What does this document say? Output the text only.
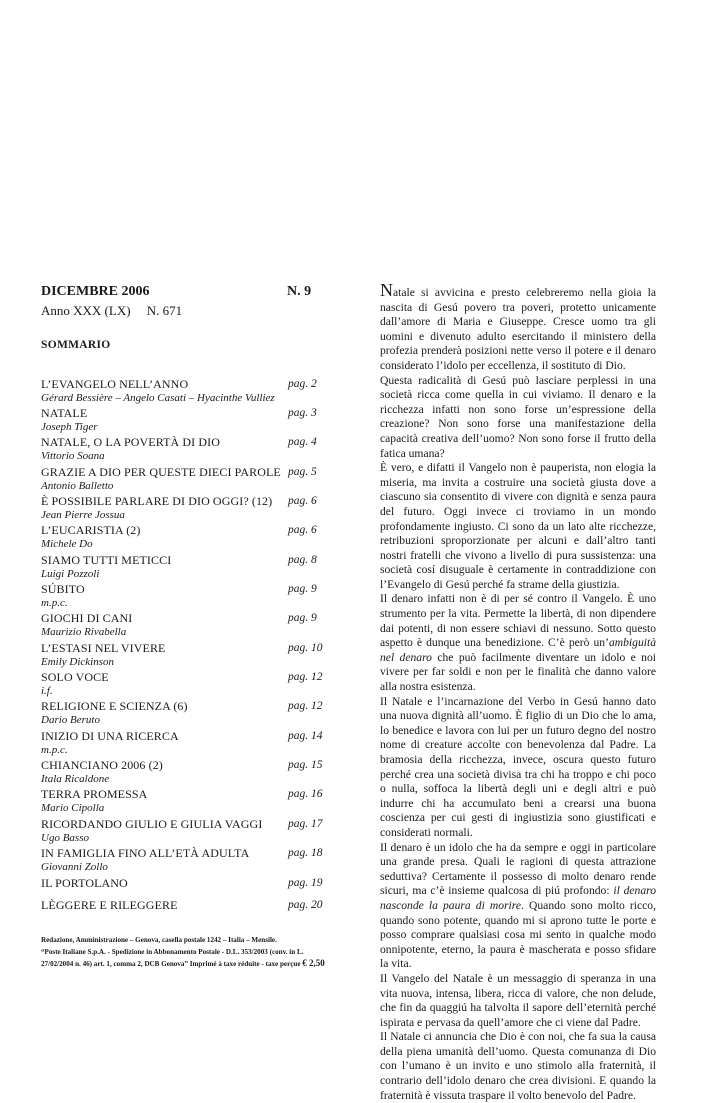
DICEMBRE 2006	N. 9
Anno XXX (LX) N. 671
SOMMARIO
L’EVANGELO NELL’ANNO	pag. 2
Gérard Bessière – Angelo Casati – Hyacinthe Vulliez
NATALE	pag. 3
Joseph Tiger
NATALE, O LA POVERTÀ DI DIO	pag. 4
Vittorio Soana
GRAZIE A DIO PER QUESTE DIECI PAROLE pag. 5
Antonio Balletto
È POSSIBILE PARLARE DI DIO OGGI? (12)	pag. 6
Jean Pierre Jossua
L’EUCARISTIA (2)	pag. 6
Michele Do
SIAMO TUTTI METICCI	pag. 8
Luigi Pozzoli
SÚBITO	pag. 9
m.p.c.
GIOCHI DI CANI	pag. 9
Maurizio Rivabella
L’ESTASI NEL VIVERE	pag. 10
Emily Dickinson
SOLO VOCE	pag. 12
i.f.
RELIGIONE E SCIENZA (6)	pag. 12
Dario Beruto
INIZIO DI UNA RICERCA	pag. 14
m.p.c.
CHIANCIANO 2006 (2)	pag. 15
Itala Ricaldone
TERRA PROMESSA	pag. 16
Mario Cipolla
RICORDANDO GIULIO E GIULIA VAGGI	pag. 17
Ugo Basso
IN FAMIGLIA FINO ALL’ETÀ ADULTA	pag. 18
Giovanni Zollo
IL PORTOLANO	pag. 19
LÈGGERE E RILEGGERE	pag. 20
Redazione, Amministrazione – Genova, casella postale 1242 – Italia – Mensile.
“Poste Italiane S.p.A. - Spedizione in Abbonamento Postale - D.L. 353/2003 (conv. in L.
27/02/2004 n. 46) art. 1, comma 2, DCB Genova” Imprimé à taxe réduite - taxe perçue € 2,50

Natale si avvicina e presto celebreremo nella gioia la nascita di Gesú povero tra poveri, protetto unicamente dall’amore di Maria e Giuseppe. Cresce uomo tra gli uomini e divenuto adulto esercitando il ministero della profezia prenderà posizioni nette verso il potere e il denaro considerato l’idolo per eccellenza, il sostituto di Dio.

Questa radicalità di Gesú può lasciare perplessi in una società ricca come quella in cui viviamo. Il denaro e la ricchezza infatti non sono forse un’espressione della creazione? Non sono forse una manifestazione della capacità creativa dell’uomo? Non sono forse il frutto della fatica umana?

È vero, e difatti il Vangelo non è pauperista, non elogia la miseria, ma invita a costruire una società giusta dove a ciascuno sia consentito di vivere con dignità e senza paura del futuro. Oggi invece ci troviamo in un mondo profondamente ingiusto. Ci sono da un lato alte ricchezze, retribuzioni sproporzionate per alcuni e dall’altro tanti nostri fratelli che vivono a livello di pura sussistenza: una società cosí disuguale è certamente in contraddizione con l’Evangelo di Gesú perché fa strame della giustizia.

Il denaro infatti non è di per sé contro il Vangelo. È uno strumento per la vita. Permette la libertà, di non dipendere dai potenti, di non essere schiavi di nessuno. Sotto questo aspetto è dunque una benedizione. C’è però un’ambiguità nel denaro che può facilmente diventare un idolo e noi vivere per far soldi e non per le finalità che danno valore alla nostra esistenza.

Il Natale e l’incarnazione del Verbo in Gesú hanno dato una nuova dignità all’uomo. È figlio di un Dio che lo ama, lo benedice e lavora con lui per un futuro degno del nostro nome di creature accolte con benevolenza dal Padre. La bramosia della ricchezza, invece, oscura questo futuro perché crea una società divisa tra chi ha troppo e chi poco o nulla, soffoca la libertà degli uni e degli altri e può indurre chi ha accumulato beni a crearsi una buona coscienza per cui gesti di ingiustizia sono giustificati e considerati normali.

Il denaro è un idolo che ha da sempre e oggi in particolare una grande presa. Quali le ragioni di questa attrazione seduttiva? Certamente il possesso di molto denaro rende sicuri, ma c’è insieme qualcosa di piú profondo: il denaro nasconde la paura di morire. Quando sono molto ricco, quando sono potente, quando mi si aprono tutte le porte e posso comprare qualsiasi cosa mi sento in qualche modo onnipotente, eterno, la paura è mascherata e posso sfidare la vita.

Il Vangelo del Natale è un messaggio di speranza in una vita nuova, intensa, libera, ricca di valore, che non delude, che fin da quaggiú ha talvolta il sapore dell’eternità perché ispirata e pervasa da quell’amore che ci viene dal Padre.

Il Natale ci annuncia che Dio è con noi, che fa sua la causa della piena umanità dell’uomo. Questa comunanza di Dio con l’umano è un invito e uno stimolo alla fraternità, il contrario dell’idolo denaro che crea divisioni. E quando la fraternità è vissuta traspare il volto benevolo del Padre.
